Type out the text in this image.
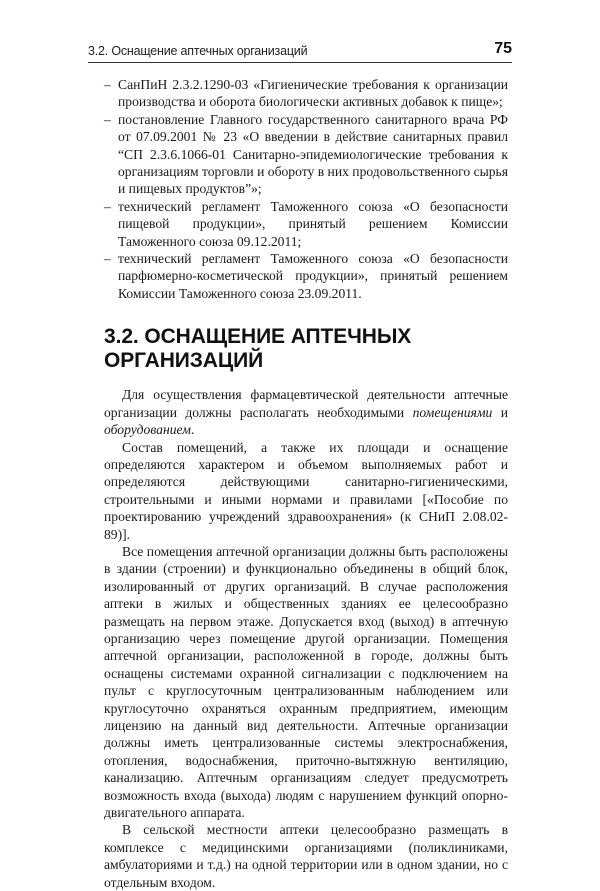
3.2. Оснащение аптечных организаций	75
– СанПиН 2.3.2.1290-03 «Гигиенические требования к организации производства и оборота биологически активных добавок к пище»;
– постановление Главного государственного санитарного врача РФ от 07.09.2001 № 23 «О введении в действие санитарных правил “СП 2.3.6.1066-01 Санитарно-эпидемиологические требования к организациям торговли и обороту в них продовольственного сырья и пищевых продуктов”»;
– технический регламент Таможенного союза «О безопасности пищевой продукции», принятый решением Комиссии Таможенного союза 09.12.2011;
– технический регламент Таможенного союза «О безопасности парфюмерно-косметической продукции», принятый решением Комиссии Таможенного союза 23.09.2011.
3.2. ОСНАЩЕНИЕ АПТЕЧНЫХ ОРГАНИЗАЦИЙ

Для осуществления фармацевтической деятельности аптечные организации должны располагать необходимыми помещениями и оборудованием.

Состав помещений, а также их площади и оснащение определяются характером и объемом выполняемых работ и определяются действующими санитарно-гигиеническими, строительными и иными нормами и правилами [«Пособие по проектированию учреждений здравоохранения» (к СНиП 2.08.02-89)].

Все помещения аптечной организации должны быть расположены в здании (строении) и функционально объединены в общий блок, изолированный от других организаций. В случае расположения аптеки в жилых и общественных зданиях ее целесообразно размещать на первом этаже. Допускается вход (выход) в аптечную организацию через помещение другой организации. Помещения аптечной организации, расположенной в городе, должны быть оснащены системами охранной сигнализации с подключением на пульт с круглосуточным централизованным наблюдением или круглосуточно охраняться охранным предприятием, имеющим лицензию на данный вид деятельности. Аптечные организации должны иметь централизованные системы электроснабжения, отопления, водоснабжения, приточно-вытяжную вентиляцию, канализацию. Аптечным организациям следует предусмотреть возможность входа (выхода) людям с нарушением функций опорно-двигательного аппарата.

В сельской местности аптеки целесообразно размещать в комплексе с медицинскими организациями (поликлиниками, амбулаториями и т.д.) на одной территории или в одном здании, но с отдельным входом.
